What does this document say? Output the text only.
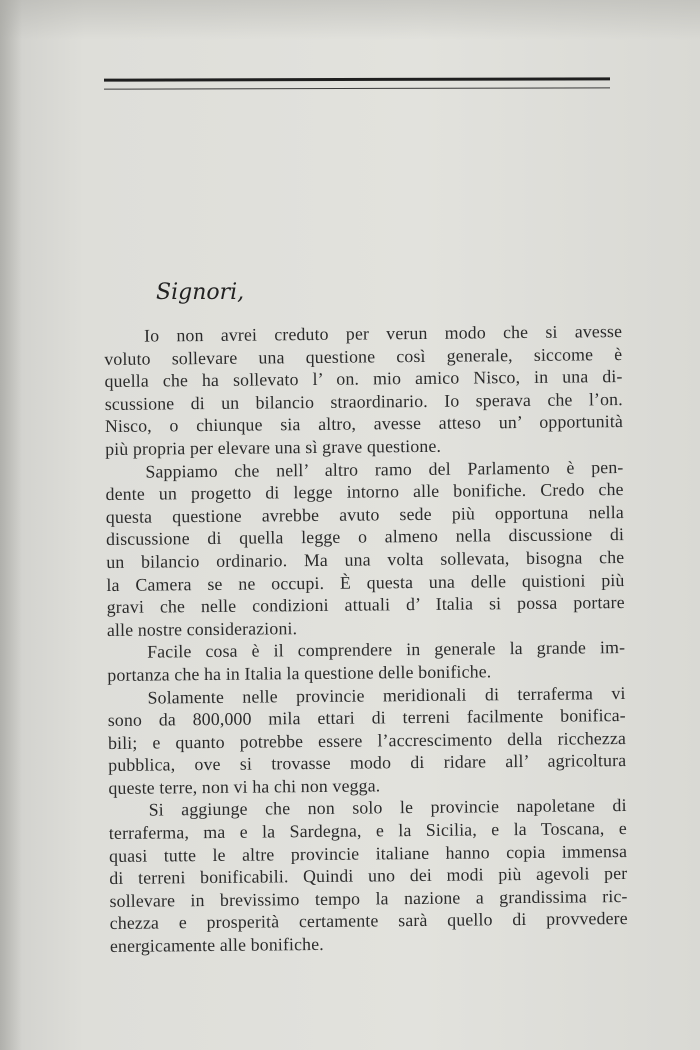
Signori,
Io non avrei creduto per verun modo che si avesse
voluto sollevare una questione così generale, siccome è
quella che ha sollevato l’ on. mio amico Nisco, in una di-
scussione di un bilancio straordinario. Io sperava che l’on.
Nisco, o chiunque sia altro, avesse atteso un’ opportunità
più propria per elevare una sì grave questione.
Sappiamo che nell’ altro ramo del Parlamento è pen-
dente un progetto di legge intorno alle bonifiche. Credo che
questa questione avrebbe avuto sede più opportuna nella
discussione di quella legge o almeno nella discussione di
un bilancio ordinario. Ma una volta sollevata, bisogna che
la Camera se ne occupi. È questa una delle quistioni più
gravi che nelle condizioni attuali d’ Italia si possa portare
alle nostre considerazioni.
Facile cosa è il comprendere in generale la grande im-
portanza che ha in Italia la questione delle bonifiche.
Solamente nelle provincie meridionali di terraferma vi
sono da 800,000 mila ettari di terreni facilmente bonifica-
bili; e quanto potrebbe essere l’accrescimento della ricchezza
pubblica, ove si trovasse modo di ridare all’ agricoltura
queste terre, non vi ha chi non vegga.
Si aggiunge che non solo le provincie napoletane di
terraferma, ma e la Sardegna, e la Sicilia, e la Toscana, e
quasi tutte le altre provincie italiane hanno copia immensa
di terreni bonificabili. Quindi uno dei modi più agevoli per
sollevare in brevissimo tempo la nazione a grandissima ric-
chezza e prosperità certamente sarà quello di provvedere
energicamente alle bonifiche.
